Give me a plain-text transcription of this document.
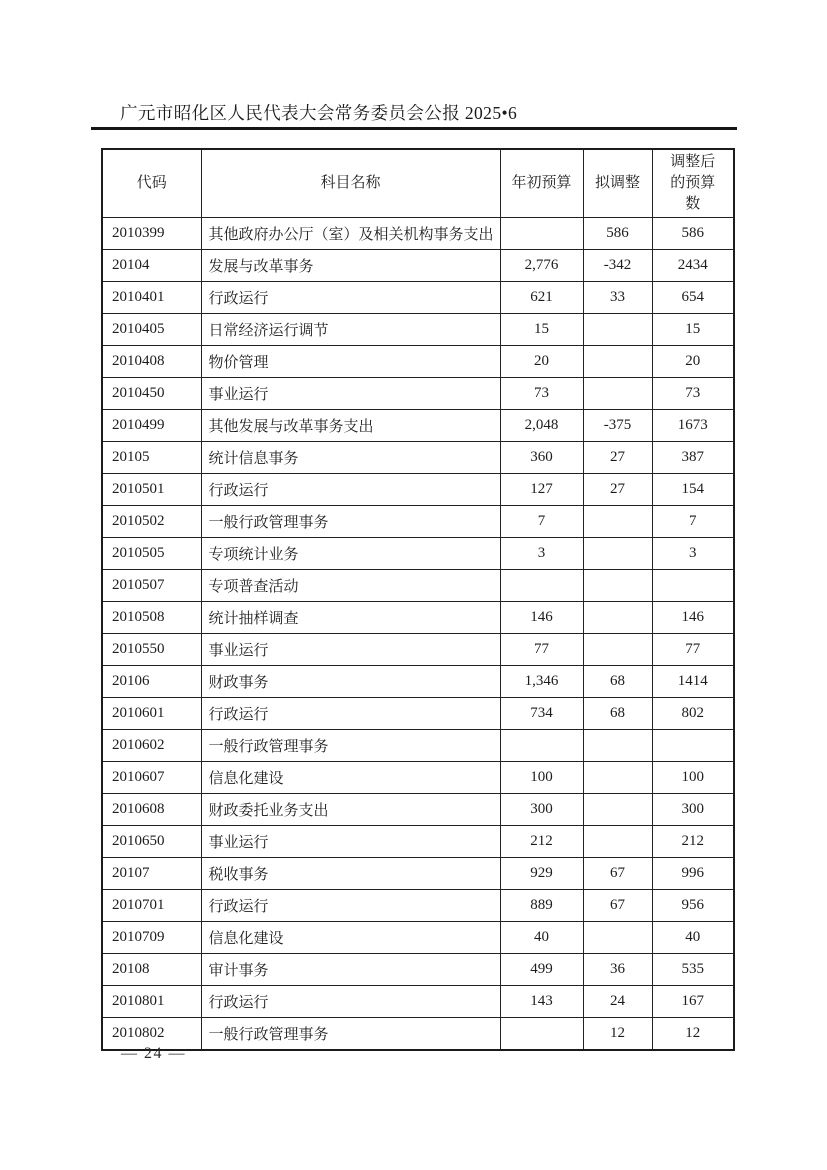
广元市昭化区人民代表大会常务委员会公报 2025•6
代码	科目名称	年初预算	拟调整	调整后的预算数
2010399	其他政府办公厅（室）及相关机构事务支出		586	586
20104	发展与改革事务	2,776	-342	2434
2010401	行政运行	621	33	654
2010405	日常经济运行调节	15		15
2010408	物价管理	20		20
2010450	事业运行	73		73
2010499	其他发展与改革事务支出	2,048	-375	1673
20105	统计信息事务	360	27	387
2010501	行政运行	127	27	154
2010502	一般行政管理事务	7		7
2010505	专项统计业务	3		3
2010507	专项普查活动			
2010508	统计抽样调查	146		146
2010550	事业运行	77		77
20106	财政事务	1,346	68	1414
2010601	行政运行	734	68	802
2010602	一般行政管理事务			
2010607	信息化建设	100		100
2010608	财政委托业务支出	300		300
2010650	事业运行	212		212
20107	税收事务	929	67	996
2010701	行政运行	889	67	956
2010709	信息化建设	40		40
20108	审计事务	499	36	535
2010801	行政运行	143	24	167
2010802	一般行政管理事务		12	12
— 24 —
